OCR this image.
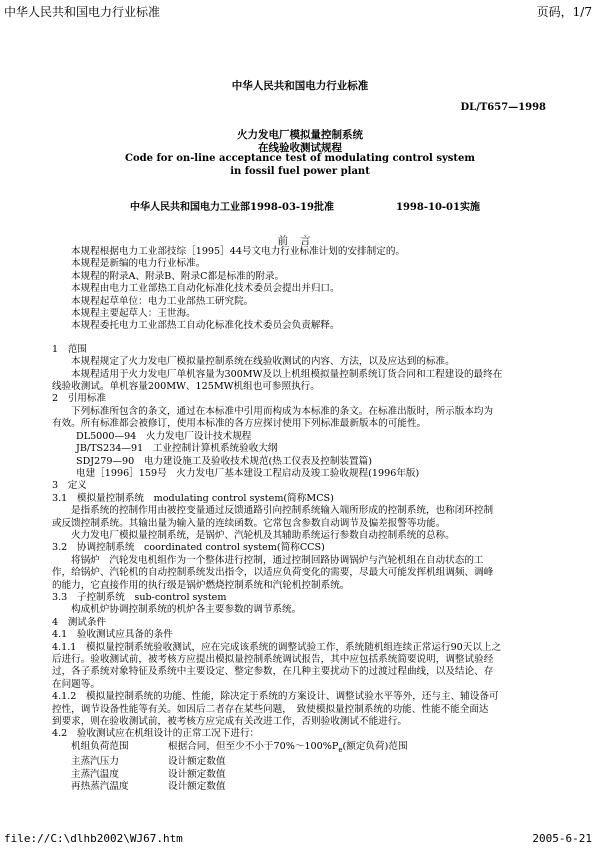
中华人民共和国电力行业标准	页码，1/7
中华人民共和国电力行业标准
DL/T657—1998
火力发电厂模拟量控制系统
在线验收测试规程
Code for on-line acceptance test of modulating control system
in fossil fuel power plant
中华人民共和国电力工业部1998-03-19批准	1998-10-01实施
前言
本规程根据电力工业部技综［1995］44号文电力行业标准计划的安排制定的。
本规程是新编的电力行业标准。
本规程的附录A、附录B、附录C都是标准的附录。
本规程由电力工业部热工自动化标准化技术委员会提出并归口。
本规程起草单位：电力工业部热工研究院。
本规程主要起草人：王世海。
本规程委托电力工业部热工自动化标准化技术委员会负责解释。
1　范围
本规程规定了火力发电厂模拟量控制系统在线验收测试的内容、方法，以及应达到的标准。
本规程适用于火力发电厂单机容量为300MW及以上机组模拟量控制系统订货合同和工程建设的最终在
线验收测试。单机容量200MW、125MW机组也可参照执行。
2　引用标准
下列标准所包含的条文，通过在本标准中引用而构成为本标准的条文。在标准出版时，所示版本均为
有效。所有标准都会被修订，使用本标准的各方应探讨使用下列标准最新版本的可能性。
DL5000—94　火力发电厂设计技术规程
JB/TS234—91　工业控制计算机系统验收大纲
SDJ279—90　电力建设施工及验收技术规范(热工仪表及控制装置篇)
电建［1996］159号　火力发电厂基本建设工程启动及竣工验收规程(1996年版)
3　定义
3.1　模拟量控制系统　modulating control system(简称MCS)
是指系统的控制作用由被控变量通过反馈通路引向控制系统输入端所形成的控制系统，也称闭环控制
或反馈控制系统。其输出量为输入量的连续函数。它常包含参数自动调节及偏差报警等功能。
火力发电厂模拟量控制系统，是锅炉、汽轮机及其辅助系统运行参数自动控制系统的总称。
3.2　协调控制系统　coordinated control system(简称CCS)
将锅炉　汽轮发电机组作为一个整体进行控制，通过控制回路协调锅炉与汽轮机组在自动状态的工
作，给锅炉、汽轮机的自动控制系统发出指令，以适应负荷变化的需要，尽最大可能发挥机组调频、调峰
的能力，它直接作用的执行级是锅炉燃烧控制系统和汽轮机控制系统。
3.3　子控制系统　sub-control system
构成机炉协调控制系统的机炉各主要参数的调节系统。
4　测试条件
4.1　验收测试应具备的条件
4.1.1　模拟量控制系统验收测试，应在完成该系统的调整试验工作，系统随机组连续正常运行90天以上之
后进行。验收测试前，被考核方应提出模拟量控制系统调试报告，其中应包括系统简要说明，调整试验经
过，各子系统对象特征及系统中主要设定、整定参数，在几种主要扰动下的过渡过程曲线，以及结论、存
在问题等。
4.1.2　模拟量控制系统的功能、性能，除决定于系统的方案设计、调整试验水平等外，还与主、辅设备可
控性，调节设备性能等有关。如因后二者存在某些问题，　致使模拟量控制系统的功能、性能不能全面达
到要求，则在验收测试前，被考核方应完成有关改进工作，否则验收测试不能进行。
4.2　验收测试应在机组设计的正常工况下进行：
机组负荷范围	根据合同，但至少不小于$70\%\sim 100\%P_e$(额定负荷)范围
主蒸汽压力	设计额定数值
主蒸汽温度	设计额定数值
再热蒸汽温度	设计额定数值
file://C:\dlhb2002\WJ67.htm	2005-6-21
